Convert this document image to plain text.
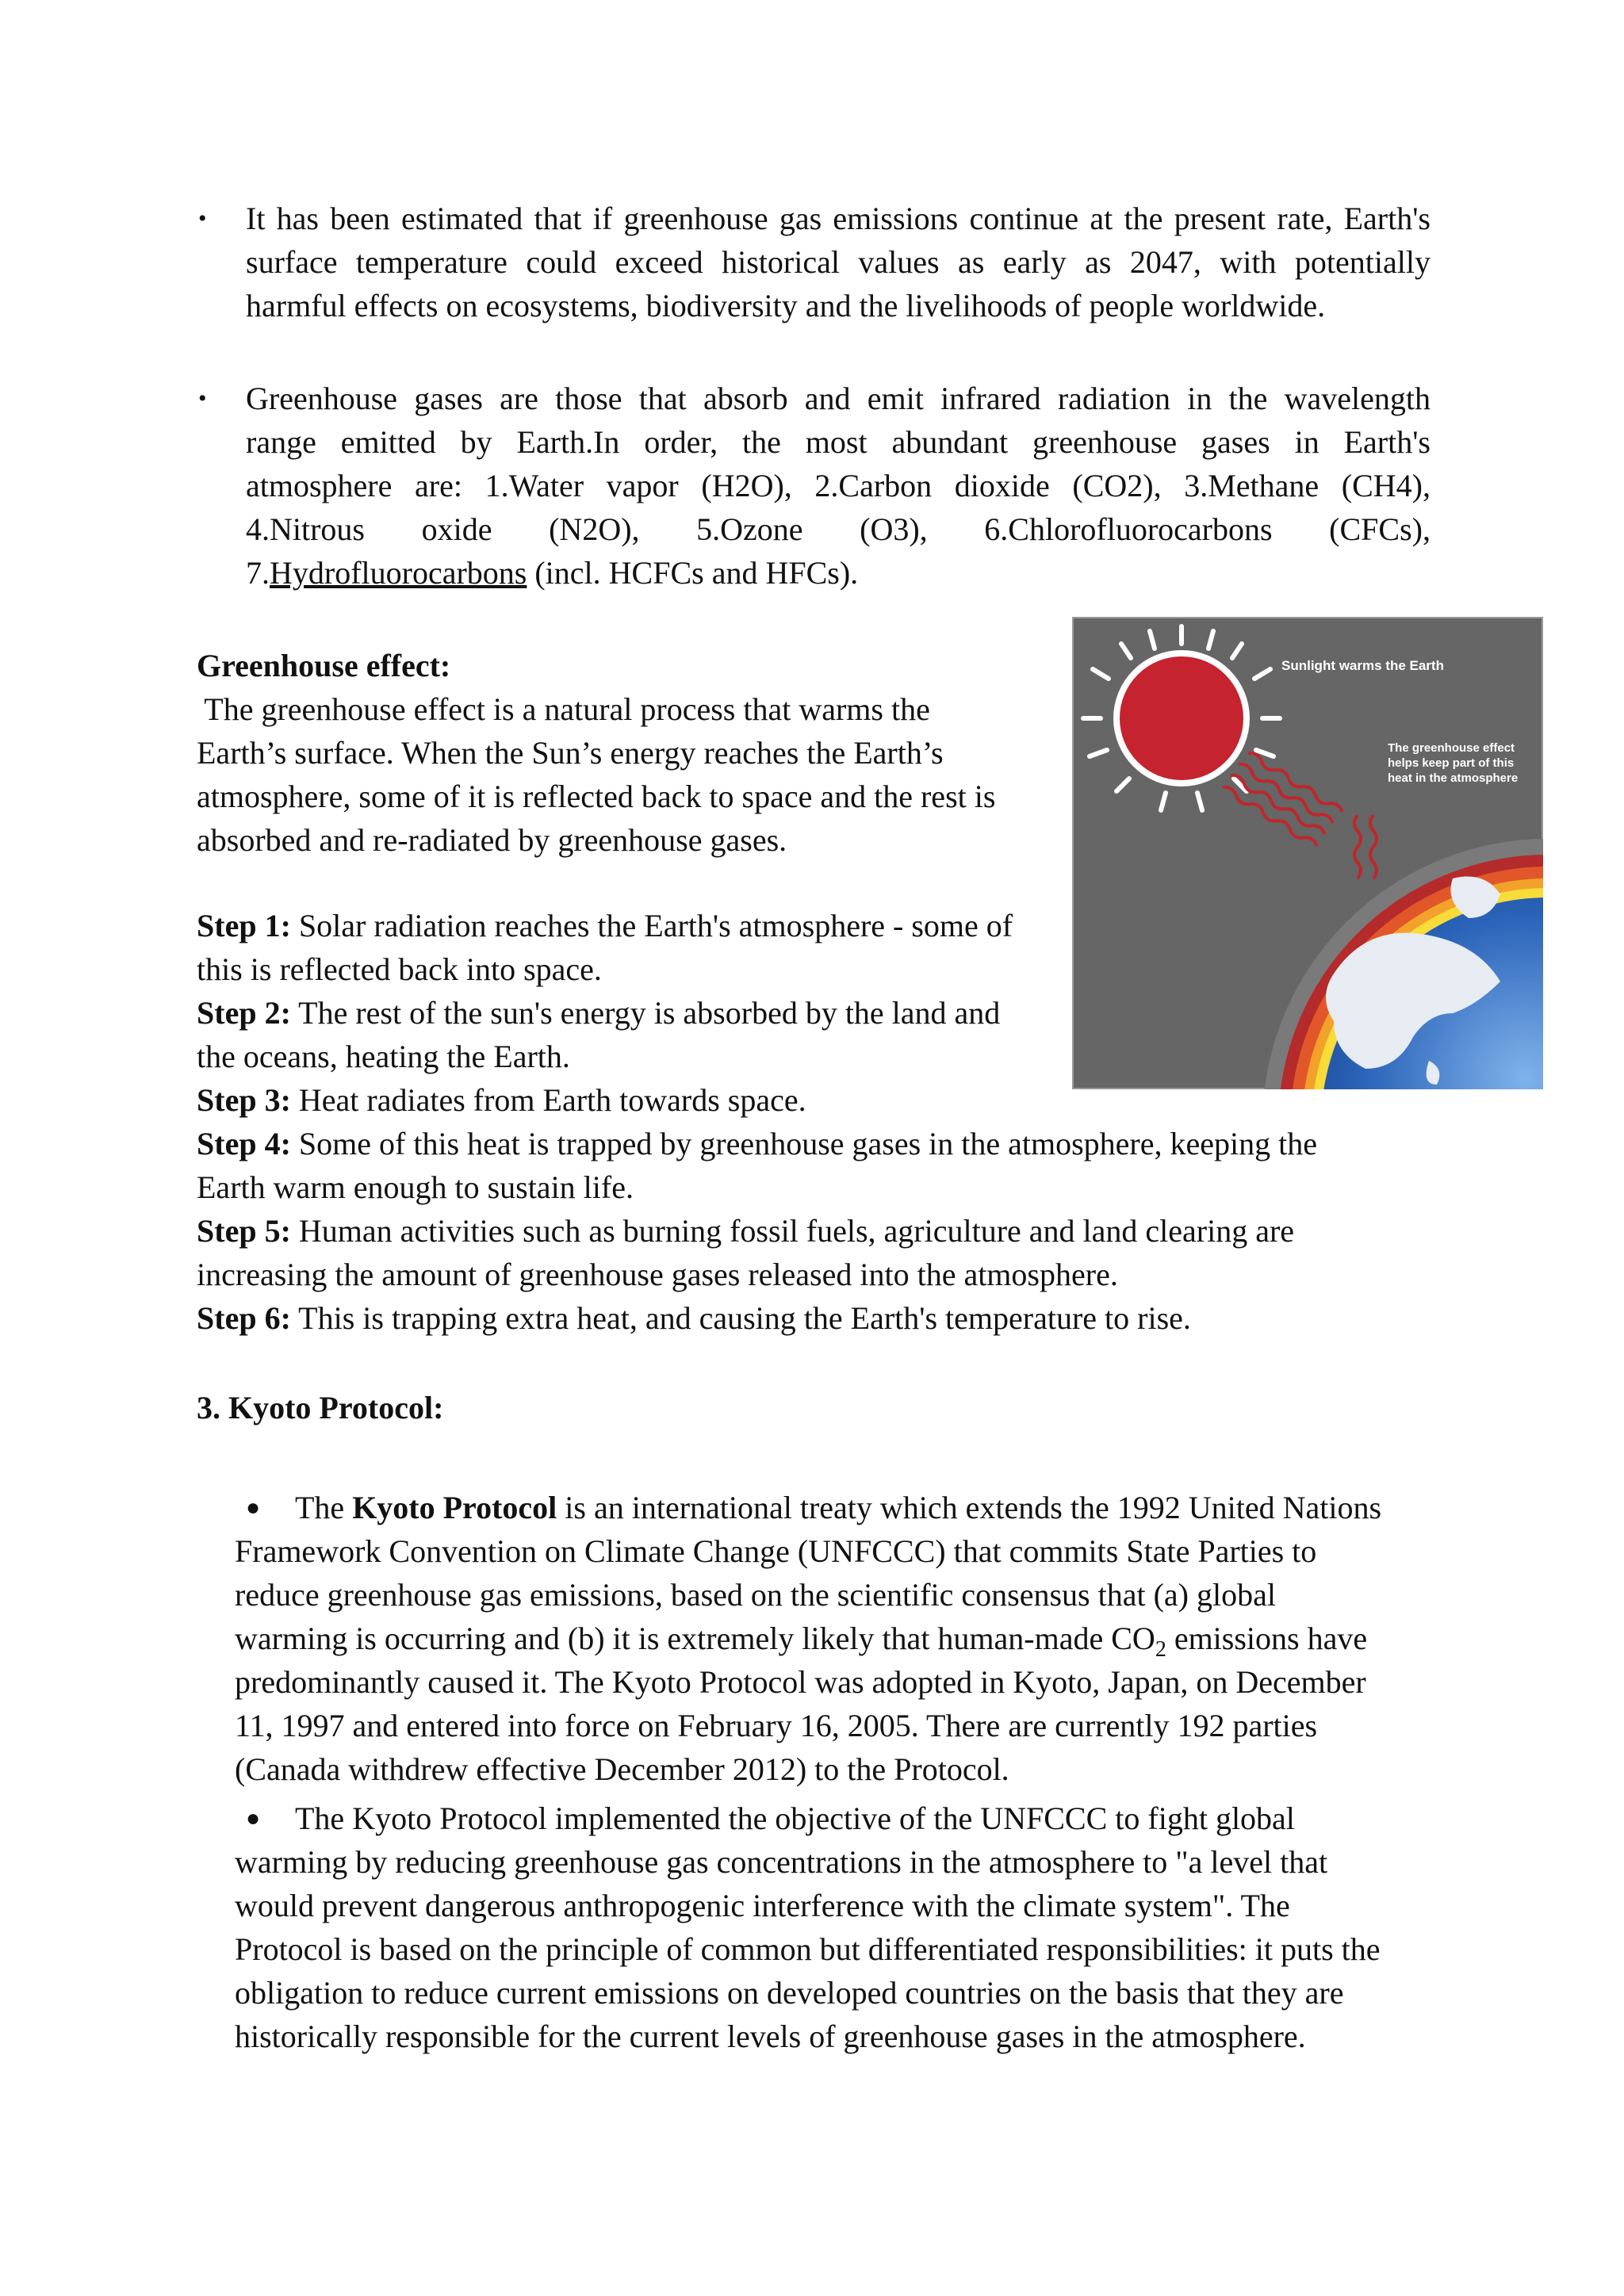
• It has been estimated that if greenhouse gas emissions continue at the present rate, Earth's
surface temperature could exceed historical values as early as 2047, with potentially
harmful effects on ecosystems, biodiversity and the livelihoods of people worldwide.
• Greenhouse gases are those that absorb and emit infrared radiation in the wavelength
range emitted by Earth.In order, the most abundant greenhouse gases in Earth's
atmosphere are: 1.Water vapor (H2O), 2.Carbon dioxide (CO2), 3.Methane (CH4),
4.Nitrous oxide (N2O), 5.Ozone (O3), 6.Chlorofluorocarbons (CFCs),
7.Hydrofluorocarbons (incl. HCFCs and HFCs).
Greenhouse effect:
The greenhouse effect is a natural process that warms the
Earth’s surface. When the Sun’s energy reaches the Earth’s
atmosphere, some of it is reflected back to space and the rest is
absorbed and re-radiated by greenhouse gases.
Step 1: Solar radiation reaches the Earth's atmosphere - some of
this is reflected back into space.
Step 2: The rest of the sun's energy is absorbed by the land and
the oceans, heating the Earth.
Step 3: Heat radiates from Earth towards space.
Step 4: Some of this heat is trapped by greenhouse gases in the atmosphere, keeping the
Earth warm enough to sustain life.
Step 5: Human activities such as burning fossil fuels, agriculture and land clearing are
increasing the amount of greenhouse gases released into the atmosphere.
Step 6: This is trapping extra heat, and causing the Earth's temperature to rise.
Sunlight warms the Earth
The greenhouse effect
helps keep part of this
heat in the atmosphere
3. Kyoto Protocol:
●	The Kyoto Protocol is an international treaty which extends the 1992 United Nations
Framework Convention on Climate Change (UNFCCC) that commits State Parties to
reduce greenhouse gas emissions, based on the scientific consensus that (a) global
warming is occurring and (b) it is extremely likely that human-made $CO_2$ emissions have
predominantly caused it. The Kyoto Protocol was adopted in Kyoto, Japan, on December
11, 1997 and entered into force on February 16, 2005. There are currently 192 parties
(Canada withdrew effective December 2012) to the Protocol.
●	The Kyoto Protocol implemented the objective of the UNFCCC to fight global
warming by reducing greenhouse gas concentrations in the atmosphere to "a level that
would prevent dangerous anthropogenic interference with the climate system". The
Protocol is based on the principle of common but differentiated responsibilities: it puts the
obligation to reduce current emissions on developed countries on the basis that they are
historically responsible for the current levels of greenhouse gases in the atmosphere.
